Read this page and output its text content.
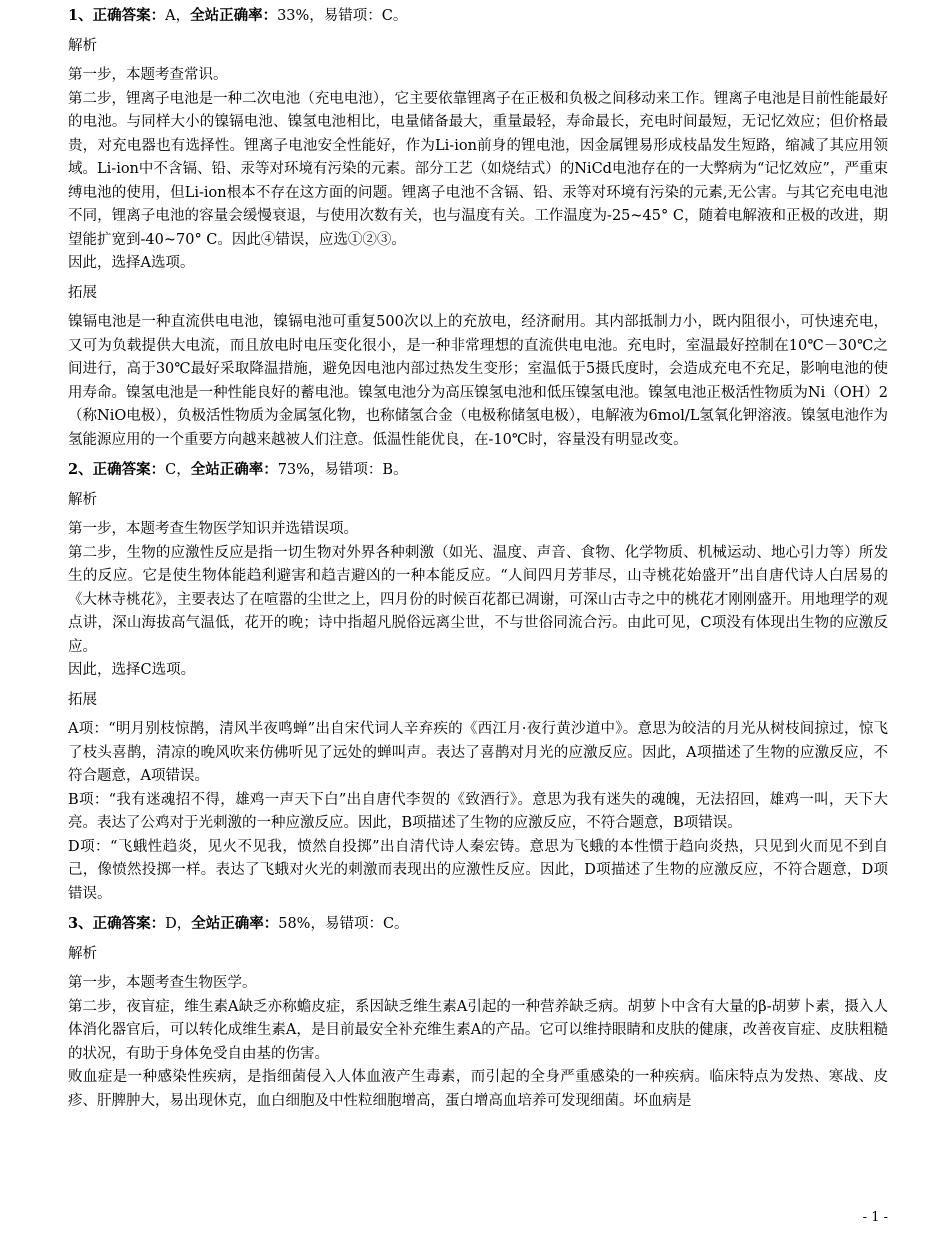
1、正确答案：A，全站正确率：33%，易错项：C。
解析

第一步，本题考查常识。

第二步，锂离子电池是一种二次电池（充电电池），它主要依靠锂离子在正极和负极之间移动来工作。锂离子电池是目前性能最好的电池。与同样大小的镍镉电池、镍氢电池相比，电量储备最大，重量最轻，寿命最长，充电时间最短，无记忆效应；但价格最贵，对充电器也有选择性。锂离子电池安全性能好，作为Li-ion前身的锂电池，因金属锂易形成枝晶发生短路，缩减了其应用领域。Li-ion中不含镉、铅、汞等对环境有污染的元素。部分工艺（如烧结式）的NiCd电池存在的一大弊病为“记忆效应”，严重束缚电池的使用，但Li-ion根本不存在这方面的问题。锂离子电池不含镉、铅、汞等对环境有污染的元素,无公害。与其它充电电池不同，锂离子电池的容量会缓慢衰退，与使用次数有关，也与温度有关。工作温度为-25~45° C，随着电解液和正极的改进，期望能扩宽到-40~70° C。因此④错误，应选①②③。

因此，选择A选项。

拓展

镍镉电池是一种直流供电电池，镍镉电池可重复500次以上的充放电，经济耐用。其内部抵制力小，既内阻很小，可快速充电，又可为负载提供大电流，而且放电时电压变化很小，是一种非常理想的直流供电电池。充电时，室温最好控制在10℃－30℃之间进行，高于30℃最好采取降温措施，避免因电池内部过热发生变形；室温低于5摄氏度时，会造成充电不充足，影响电池的使用寿命。镍氢电池是一种性能良好的蓄电池。镍氢电池分为高压镍氢电池和低压镍氢电池。镍氢电池正极活性物质为Ni（OH）2（称NiO电极），负极活性物质为金属氢化物，也称储氢合金（电极称储氢电极），电解液为6mol/L氢氧化钾溶液。镍氢电池作为氢能源应用的一个重要方向越来越被人们注意。低温性能优良，在-10℃时，容量没有明显改变。

2、正确答案：C，全站正确率：73%，易错项：B。
解析

第一步，本题考查生物医学知识并选错误项。

第二步，生物的应激性反应是指一切生物对外界各种刺激（如光、温度、声音、食物、化学物质、机械运动、地心引力等）所发生的反应。它是使生物体能趋利避害和趋吉避凶的一种本能反应。“人间四月芳菲尽，山寺桃花始盛开”出自唐代诗人白居易的《大林寺桃花》，主要表达了在喧嚣的尘世之上，四月份的时候百花都已凋谢，可深山古寺之中的桃花才刚刚盛开。用地理学的观点讲，深山海拔高气温低，花开的晚；诗中指超凡脱俗远离尘世，不与世俗同流合污。由此可见，C项没有体现出生物的应激反应。

因此，选择C选项。

拓展

A项：“明月别枝惊鹊，清风半夜鸣蝉”出自宋代词人辛弃疾的《西江月·夜行黄沙道中》。意思为皎洁的月光从树枝间掠过，惊飞了枝头喜鹊，清凉的晚风吹来仿佛听见了远处的蝉叫声。表达了喜鹊对月光的应激反应。因此，A项描述了生物的应激反应，不符合题意，A项错误。

B项：“我有迷魂招不得，雄鸡一声天下白”出自唐代李贺的《致酒行》。意思为我有迷失的魂魄，无法招回，雄鸡一叫，天下大亮。表达了公鸡对于光刺激的一种应激反应。因此，B项描述了生物的应激反应，不符合题意，B项错误。

D项：“飞蛾性趋炎，见火不见我，愤然自投掷”出自清代诗人秦宏铸。意思为飞蛾的本性惯于趋向炎热，只见到火而见不到自己，像愤然投掷一样。表达了飞蛾对火光的刺激而表现出的应激性反应。因此，D项描述了生物的应激反应，不符合题意，D项错误。

3、正确答案：D，全站正确率：58%，易错项：C。
解析

第一步，本题考查生物医学。

第二步，夜盲症，维生素A缺乏亦称蟾皮症，系因缺乏维生素A引起的一种营养缺乏病。胡萝卜中含有大量的β-胡萝卜素，摄入人体消化器官后，可以转化成维生素A，是目前最安全补充维生素A的产品。它可以维持眼睛和皮肤的健康，改善夜盲症、皮肤粗糙的状况，有助于身体免受自由基的伤害。

败血症是一种感染性疾病，是指细菌侵入人体血液产生毒素，而引起的全身严重感染的一种疾病。临床特点为发热、寒战、皮疹、肝脾肿大，易出现休克，血白细胞及中性粒细胞增高，蛋白增高血培养可发现细菌。坏血病是

- 1 -
